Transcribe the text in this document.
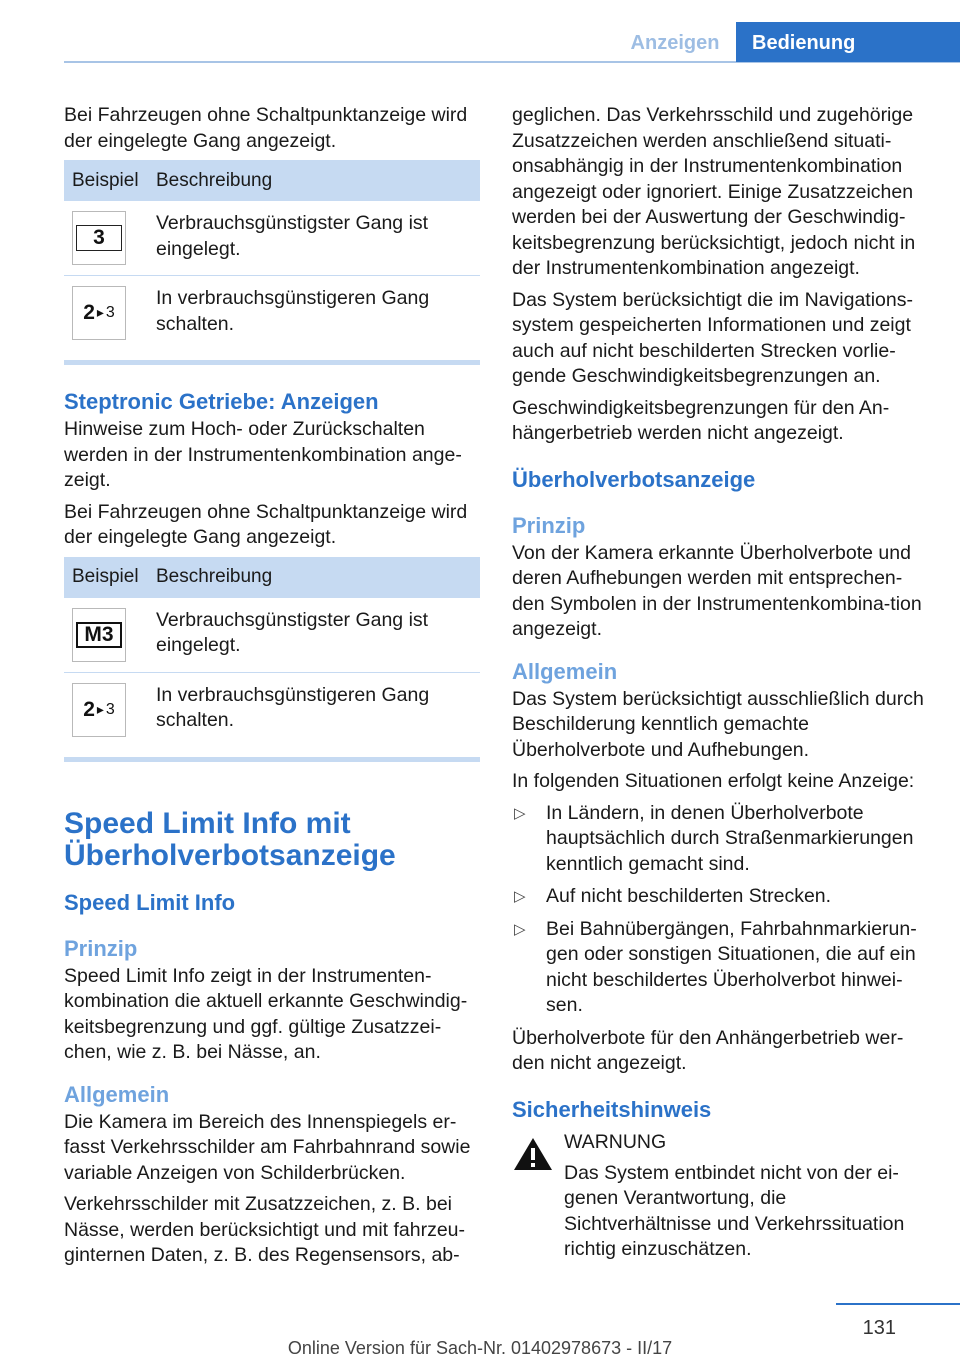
Anzeigen	Bedienung

Bei Fahrzeugen ohne Schaltpunktanzeige wird der eingelegte Gang angezeigt.

Beispiel	Beschreibung

3	Verbrauchsgünstigster Gang ist eingelegt.

2 ▸ 3	In verbrauchsgünstigeren Gang schalten.
Steptronic Getriebe: Anzeigen

Hinweise zum Hoch- oder Zurückschalten werden in der Instrumentenkombination ange-zeigt.

Bei Fahrzeugen ohne Schaltpunktanzeige wird der eingelegte Gang angezeigt.

Beispiel	Beschreibung

M3	Verbrauchsgünstigster Gang ist eingelegt.

2 ▸ 3	In verbrauchsgünstigeren Gang schalten.
Speed Limit Info mit Überholverbotsanzeige
Speed Limit Info
Prinzip

Speed Limit Info zeigt in der Instrumenten-kombination die aktuell erkannte Geschwindig-keitsbegrenzung und ggf. gültige Zusatzzei-chen, wie z. B. bei Nässe, an.

Allgemein

Die Kamera im Bereich des Innenspiegels er-fasst Verkehrsschilder am Fahrbahnrand sowie variable Anzeigen von Schilderbrücken.

Verkehrsschilder mit Zusatzzeichen, z. B. bei Nässe, werden berücksichtigt und mit fahrzeu-ginternen Daten, z. B. des Regensensors, ab-

geglichen. Das Verkehrsschild und zugehörige Zusatzzeichen werden anschließend situati-onsabhängig in der Instrumentenkombination angezeigt oder ignoriert. Einige Zusatzzeichen werden bei der Auswertung der Geschwindig-keitsbegrenzung berücksichtigt, jedoch nicht in der Instrumentenkombination angezeigt.

Das System berücksichtigt die im Navigations-system gespeicherten Informationen und zeigt auch auf nicht beschilderten Strecken vorlie-gende Geschwindigkeitsbegrenzungen an.

Geschwindigkeitsbegrenzungen für den An-hängerbetrieb werden nicht angezeigt.

Überholverbotsanzeige
Prinzip

Von der Kamera erkannte Überholverbote und deren Aufhebungen werden mit entsprechen-den Symbolen in der Instrumentenkombina-tion angezeigt.

Allgemein

Das System berücksichtigt ausschließlich durch Beschilderung kenntlich gemachte Überholverbote und Aufhebungen.

In folgenden Situationen erfolgt keine Anzeige:

▷ In Ländern, in denen Überholverbote hauptsächlich durch Straßenmarkierungen kenntlich gemacht sind.
▷ Auf nicht beschilderten Strecken.
▷ Bei Bahnübergängen, Fahrbahnmarkierun-gen oder sonstigen Situationen, die auf ein nicht beschildertes Überholverbot hinwei-sen.

Überholverbote für den Anhängerbetrieb wer-den nicht angezeigt.

Sicherheitshinweis
WARNUNG

Das System entbindet nicht von der ei-genen Verantwortung, die Sichtverhältnisse und Verkehrssituation richtig einzuschätzen.

131
Online Version für Sach-Nr. 01402978673 - II/17
